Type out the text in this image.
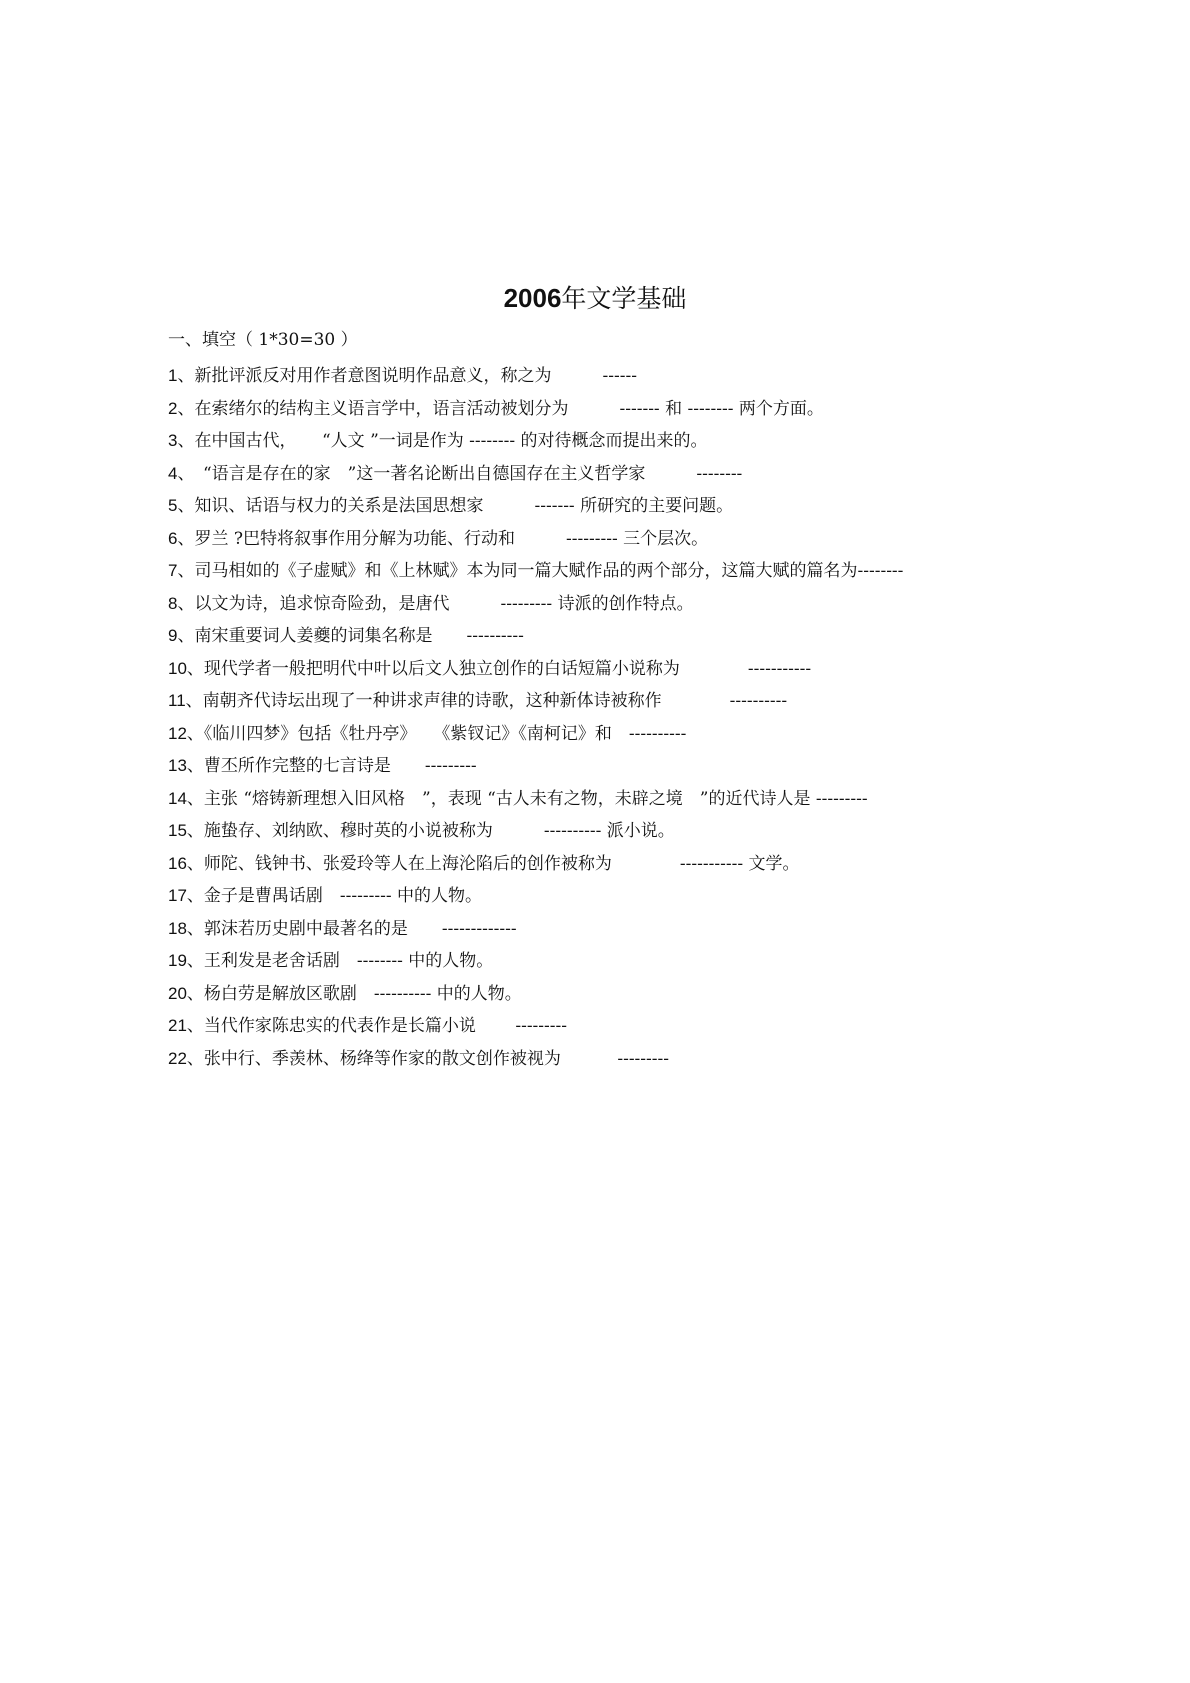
2006年文学基础
一、填空（ 1*30=30 ）
1、新批评派反对用作者意图说明作品意义，称之为　　　------
2、在索绪尔的结构主义语言学中，语言活动被划分为　　　------- 和 -------- 两个方面。
3、在中国古代，　　“人文 ”一词是作为 -------- 的对待概念而提出来的。
4、　“语言是存在的家　”这一著名论断出自德国存在主义哲学家　　　--------
5、知识、话语与权力的关系是法国思想家　　　------- 所研究的主要问题。
6、罗兰 ?巴特将叙事作用分解为功能、行动和　　　--------- 三个层次。
7、司马相如的《子虚赋》和《上林赋》本为同一篇大赋作品的两个部分，这篇大赋的篇名为--------
8、以文为诗，追求惊奇险劲，是唐代　　　--------- 诗派的创作特点。
9、南宋重要词人姜夔的词集名称是　　----------
10、现代学者一般把明代中叶以后文人独立创作的白话短篇小说称为　　　　-----------
11、南朝齐代诗坛出现了一种讲求声律的诗歌，这种新体诗被称作　　　　----------
12、《临川四梦》包括《牡丹亭》　　《紫钗记》《南柯记》和　----------
13、曹丕所作完整的七言诗是　　---------
14、主张 “熔铸新理想入旧风格　”，表现 “古人未有之物，未辟之境　”的近代诗人是 ---------
15、施蛰存、刘纳欧、穆时英的小说被称为　　　---------- 派小说。
16、师陀、钱钟书、张爱玲等人在上海沦陷后的创作被称为　　　　----------- 文学。
17、金子是曹禺话剧　--------- 中的人物。
18、郭沫若历史剧中最著名的是　　-------------
19、王利发是老舍话剧　-------- 中的人物。
20、杨白劳是解放区歌剧　---------- 中的人物。
21、当代作家陈忠实的代表作是长篇小说　　 ---------
22、张中行、季羡林、杨绛等作家的散文创作被视为　　　 ---------
